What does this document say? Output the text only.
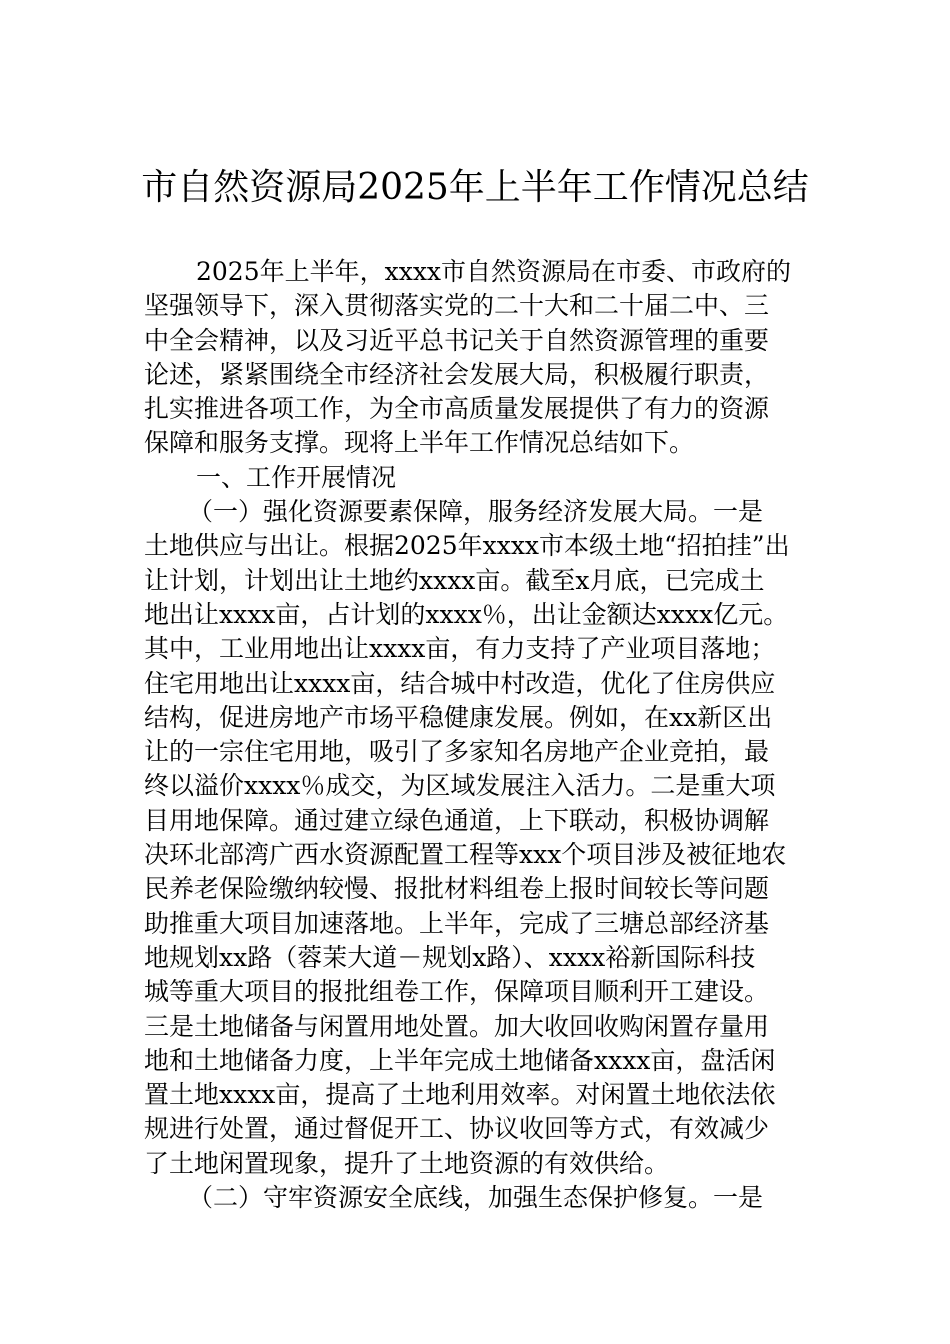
市自然资源局2025年上半年工作情况总结
2025年上半年，xxxx市自然资源局在市委、市政府的
坚强领导下，深入贯彻落实党的二十大和二十届二中、三
中全会精神，以及习近平总书记关于自然资源管理的重要
论述，紧紧围绕全市经济社会发展大局，积极履行职责，
扎实推进各项工作，为全市高质量发展提供了有力的资源
保障和服务支撑。现将上半年工作情况总结如下。
一、工作开展情况
（一）强化资源要素保障，服务经济发展大局。一是
土地供应与出让。根据2025年xxxx市本级土地“招拍挂”出
让计划，计划出让土地约xxxx亩。截至x月底，已完成土
地出让xxxx亩，占计划的xxxx％，出让金额达xxxx亿元。
其中，工业用地出让xxxx亩，有力支持了产业项目落地；
住宅用地出让xxxx亩，结合城中村改造，优化了住房供应
结构，促进房地产市场平稳健康发展。例如，在xx新区出
让的一宗住宅用地，吸引了多家知名房地产企业竞拍，最
终以溢价xxxx％成交，为区域发展注入活力。二是重大项
目用地保障。通过建立绿色通道，上下联动，积极协调解
决环北部湾广西水资源配置工程等xxx个项目涉及被征地农
民养老保险缴纳较慢、报批材料组卷上报时间较长等问题
助推重大项目加速落地。上半年，完成了三塘总部经济基
地规划xx路（蓉茉大道－规划x路）、xxxx裕新国际科技
城等重大项目的报批组卷工作，保障项目顺利开工建设。
三是土地储备与闲置用地处置。加大收回收购闲置存量用
地和土地储备力度，上半年完成土地储备xxxx亩，盘活闲
置土地xxxx亩，提高了土地利用效率。对闲置土地依法依
规进行处置，通过督促开工、协议收回等方式，有效减少
了土地闲置现象，提升了土地资源的有效供给。
（二）守牢资源安全底线，加强生态保护修复。一是
